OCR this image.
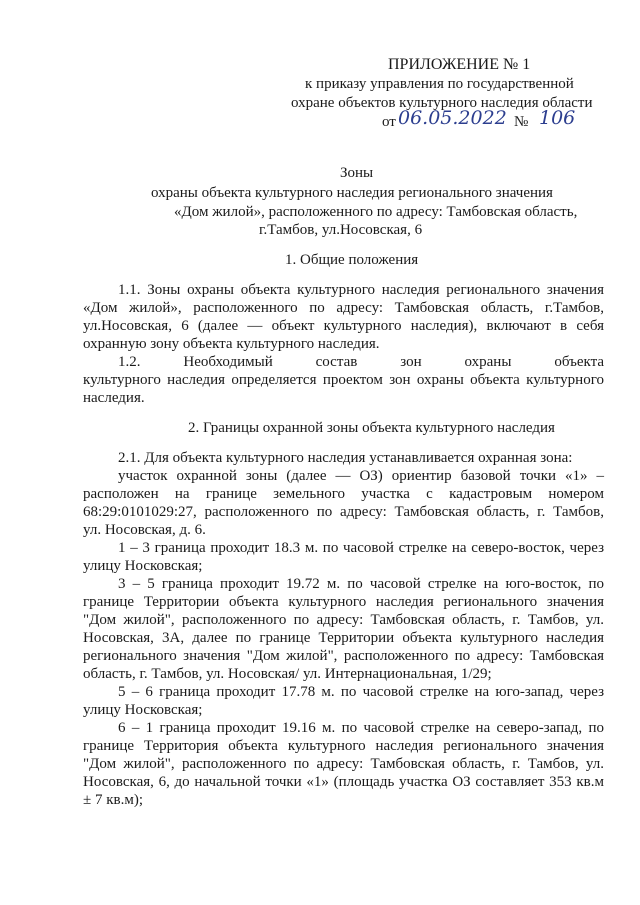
ПРИЛОЖЕНИЕ № 1
к приказу управления по государственной
охране объектов культурного наследия области
от 06.05.2022 № 106
Зоны
охраны объекта культурного наследия регионального значения
«Дом жилой», расположенного по адресу: Тамбовская область,
г.Тамбов, ул.Носовская, 6
1. Общие положения
1.1. Зоны охраны объекта культурного наследия регионального значения
«Дом жилой», расположенного по адресу: Тамбовская область, г.Тамбов,
ул.Носовская, 6 (далее — объект культурного наследия), включают в себя
охранную зону объекта культурного наследия.
1.2. Необходимый состав зон охраны объекта
культурного наследия определяется проектом зон охраны объекта культурного
наследия.
2. Границы охранной зоны объекта культурного наследия
2.1. Для объекта культурного наследия устанавливается охранная зона:
участок охранной зоны (далее — ОЗ) ориентир базовой точки «1» –
расположен на границе земельного участка с кадастровым номером
68:29:0101029:27, расположенного по адресу: Тамбовская область, г. Тамбов,
ул. Носовская, д. 6.
1 – 3 граница проходит 18.3 м. по часовой стрелке на северо-восток, через
улицу Носковская;
3 – 5 граница проходит 19.72 м. по часовой стрелке на юго-восток, по
границе Территории объекта культурного наследия регионального значения
"Дом жилой", расположенного по адресу: Тамбовская область, г. Тамбов, ул.
Носовская, 3А, далее по границе Территории объекта культурного наследия
регионального значения "Дом жилой", расположенного по адресу: Тамбовская
область, г. Тамбов, ул. Носовская/ ул. Интернациональная, 1/29;
5 – 6 граница проходит 17.78 м. по часовой стрелке на юго-запад, через
улицу Носковская;
6 – 1 граница проходит 19.16 м. по часовой стрелке на северо-запад, по
границе Территория объекта культурного наследия регионального значения
"Дом жилой", расположенного по адресу: Тамбовская область, г. Тамбов, ул.
Носовская, 6, до начальной точки «1» (площадь участка ОЗ составляет 353 кв.м
± 7 кв.м);
